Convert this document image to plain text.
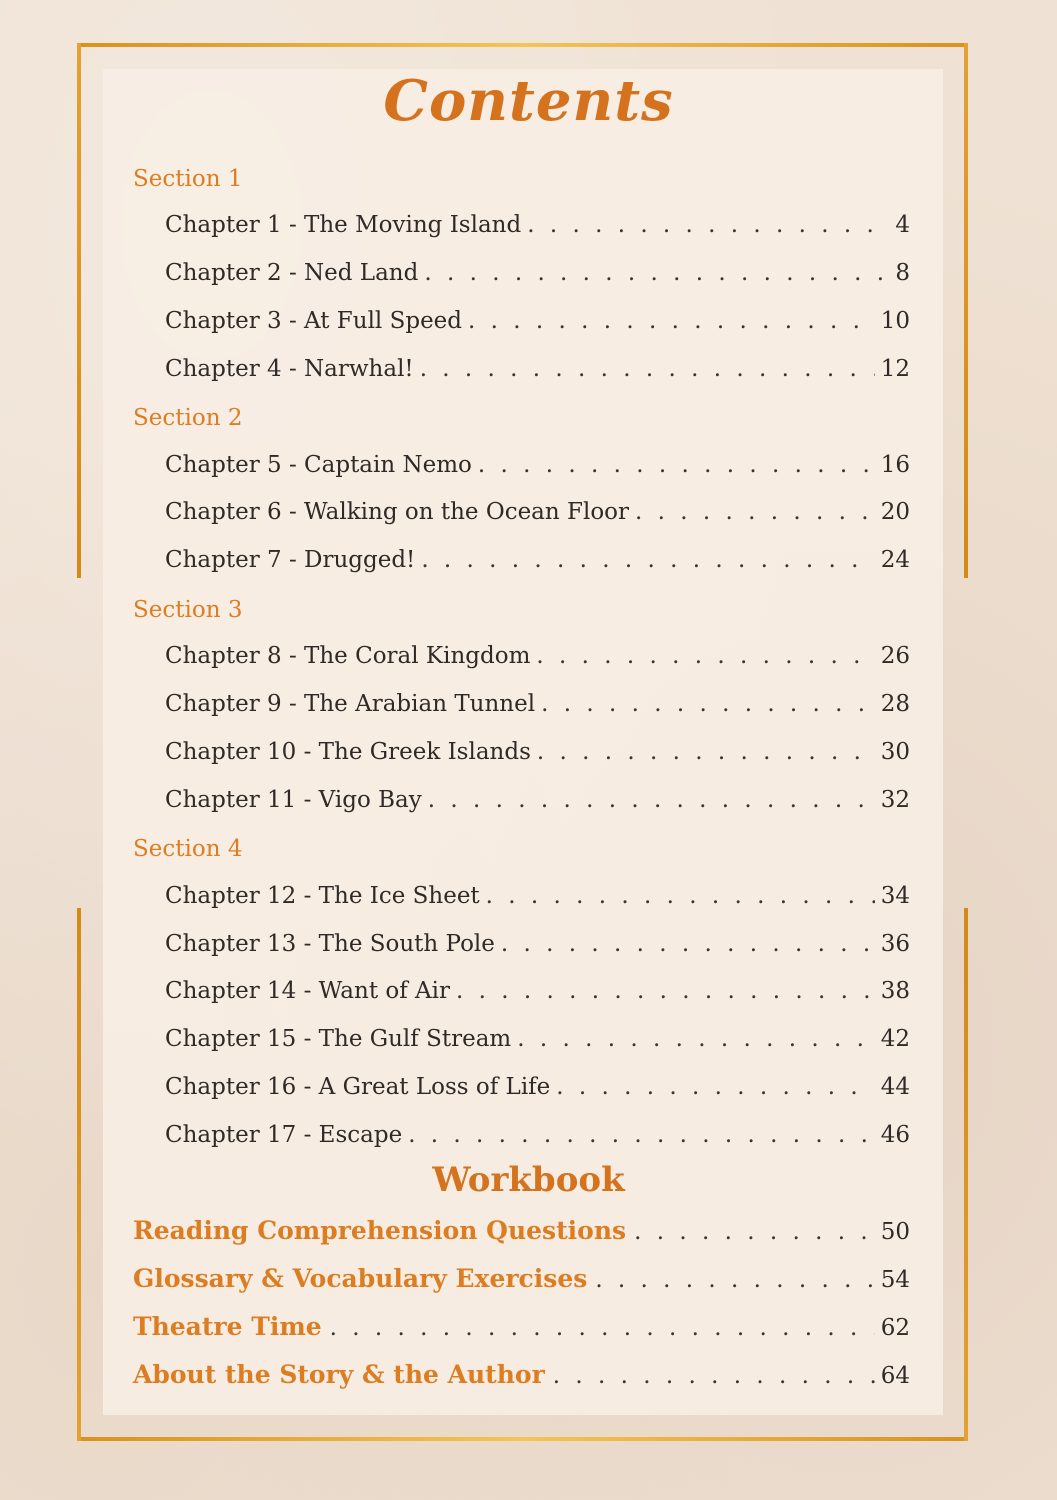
Contents
Section 1
Chapter 1 - The Moving Island . . .	4
Chapter 2 - Ned Land . . .	8
Chapter 3 - At Full Speed . . .	10
Chapter 4 - Narwhal! . . .	12
Section 2
Chapter 5 - Captain Nemo . . .	16
Chapter 6 - Walking on the Ocean Floor . . .	20
Chapter 7 - Drugged! . . .	24
Section 3
Chapter 8 - The Coral Kingdom . . .	26
Chapter 9 - The Arabian Tunnel . . .	28
Chapter 10 - The Greek Islands . . .	30
Chapter 11 - Vigo Bay . . .	32
Section 4
Chapter 12 - The Ice Sheet . . .	34
Chapter 13 - The South Pole . . .	36
Chapter 14 - Want of Air . . .	38
Chapter 15 - The Gulf Stream . . .	42
Chapter 16 - A Great Loss of Life . . .	44
Chapter 17 - Escape . . .	46
Workbook
Reading Comprehension Questions . . .	50
Glossary & Vocabulary Exercises . . .	54
Theatre Time . . .	62
About the Story & the Author . . .	64
